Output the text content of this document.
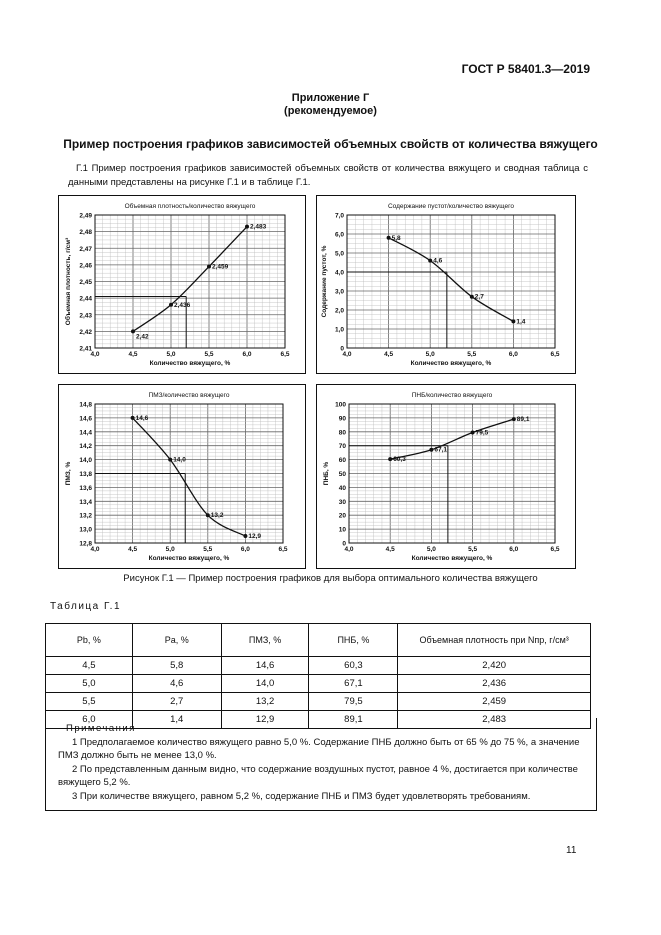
ГОСТ Р 58401.3—2019
Приложение Г
(рекомендуемое)
Пример построения графиков зависимостей объемных свойств от количества вяжущего
Г.1 Пример построения графиков зависимостей объемных свойств от количества вяжущего и сводная таблица с данными представлены на рисунке Г.1 и в таблице Г.1.
Объемная плотность/количество вяжущего
4,0	4,5	5,0	5,5	6,0	6,5
2,41
2,42
2,43
2,44
2,45
2,46
2,47
2,48
2,49
Количество вяжущего, %
Объемная плотность, г/см³
2,42
2,436
2,459
2,483
Содержание пустот/количество вяжущего
4,0	4,5	5,0	5,5	6,0	6,5
0
1,0
2,0
3,0
4,0
5,0
6,0
7,0
Количество вяжущего, %
Содержание пустот, %
5,8
4,6
2,7
1,4
ПМЗ/количество вяжущего
4,0	4,5	5,0	5,5	6,0	6,5
12,8
13,0
13,2
13,4
13,6
13,8
14,0
14,2
14,4
14,6
14,8
Количество вяжущего, %
ПМЗ, %
14,6
14,0
13,2
12,9
ПНБ/количество вяжущего
4,0	4,5	5,0	5,5	6,0	6,5
0
10
20
30
40
50
60
70
80
90
100
Количество вяжущего, %
ПНБ, %
60,3
67,1
79,5
89,1
Рисунок Г.1 — Пример построения графиков для выбора оптимального количества вяжущего
Таблица Г.1
Pb, %	Pa, %	ПМЗ, %	ПНБ, %	Объемная плотность при Nпр, г/см³
4,5	5,8	14,6	60,3	2,420
5,0	4,6	14,0	67,1	2,436
5,5	2,7	13,2	79,5	2,459
6,0	1,4	12,9	89,1	2,483
Примечания
1 Предполагаемое количество вяжущего равно 5,0 %. Содержание ПНБ должно быть от 65 % до 75 %, а значение ПМЗ должно быть не менее 13,0 %.
2 По представленным данным видно, что содержание воздушных пустот, равное 4 %, достигается при количестве вяжущего 5,2 %.
3 При количестве вяжущего, равном 5,2 %, содержание ПНБ и ПМЗ будет удовлетворять требованиям.
11
